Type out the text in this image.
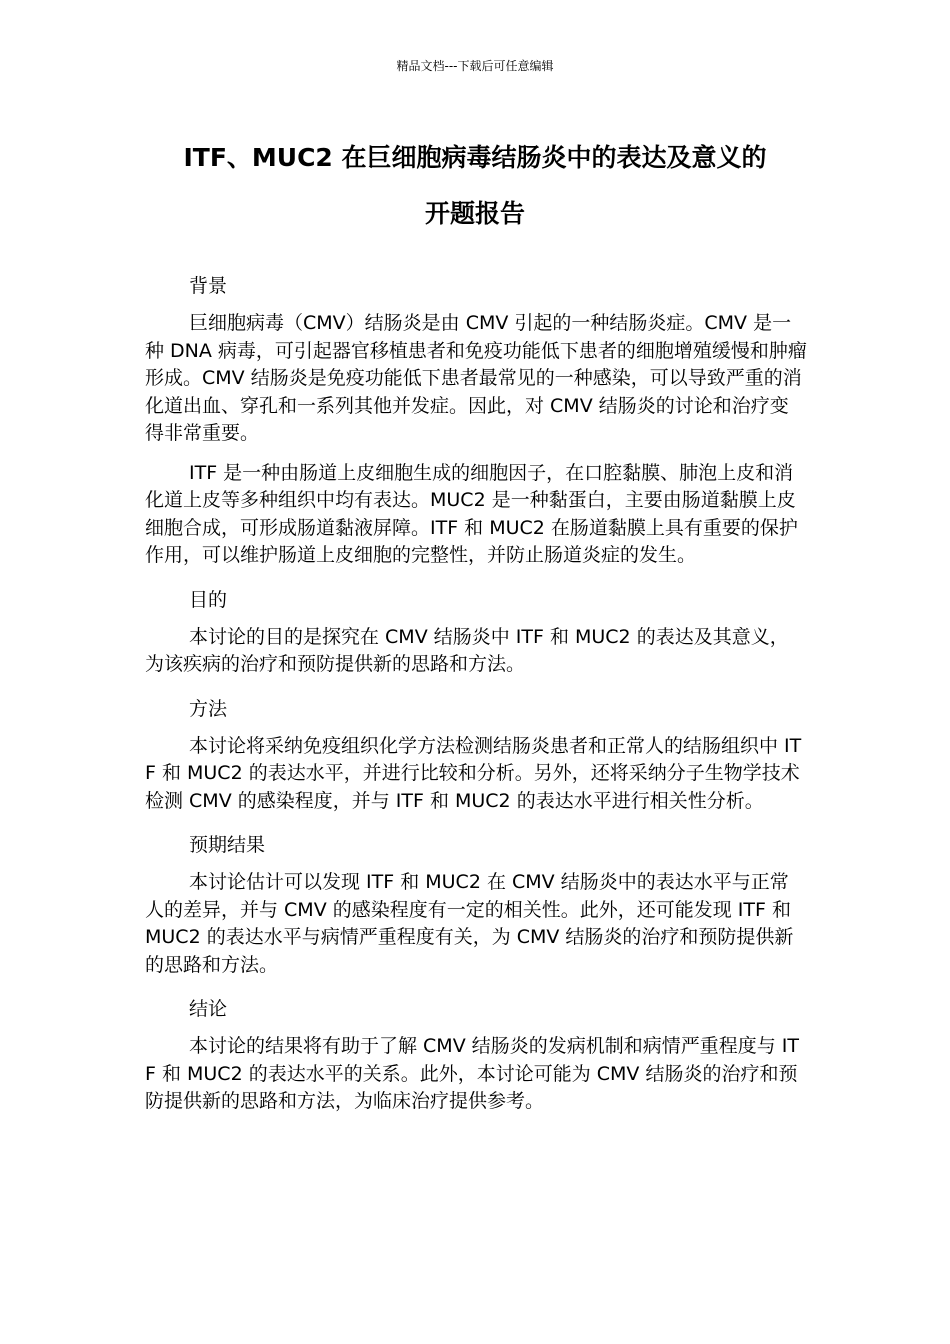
精品文档---下载后可任意编辑
ITF、MUC2 在巨细胞病毒结肠炎中的表达及意义的
开题报告
背景

巨细胞病毒（CMV）结肠炎是由 CMV 引起的一种结肠炎症。CMV 是一种 DNA 病毒，可引起器官移植患者和免疫功能低下患者的细胞增殖缓慢和肿瘤形成。CMV 结肠炎是免疫功能低下患者最常见的一种感染，可以导致严重的消化道出血、穿孔和一系列其他并发症。因此，对 CMV 结肠炎的讨论和治疗变得非常重要。

ITF 是一种由肠道上皮细胞生成的细胞因子，在口腔黏膜、肺泡上皮和消化道上皮等多种组织中均有表达。MUC2 是一种黏蛋白，主要由肠道黏膜上皮细胞合成，可形成肠道黏液屏障。ITF 和 MUC2 在肠道黏膜上具有重要的保护作用，可以维护肠道上皮细胞的完整性，并防止肠道炎症的发生。

目的

本讨论的目的是探究在 CMV 结肠炎中 ITF 和 MUC2 的表达及其意义，为该疾病的治疗和预防提供新的思路和方法。

方法

本讨论将采纳免疫组织化学方法检测结肠炎患者和正常人的结肠组织中 ITF 和 MUC2 的表达水平，并进行比较和分析。另外，还将采纳分子生物学技术检测 CMV 的感染程度，并与 ITF 和 MUC2 的表达水平进行相关性分析。

预期结果

本讨论估计可以发现 ITF 和 MUC2 在 CMV 结肠炎中的表达水平与正常人的差异，并与 CMV 的感染程度有一定的相关性。此外，还可能发现 ITF 和 MUC2 的表达水平与病情严重程度有关，为 CMV 结肠炎的治疗和预防提供新的思路和方法。

结论

本讨论的结果将有助于了解 CMV 结肠炎的发病机制和病情严重程度与 ITF 和 MUC2 的表达水平的关系。此外，本讨论可能为 CMV 结肠炎的治疗和预防提供新的思路和方法，为临床治疗提供参考。
